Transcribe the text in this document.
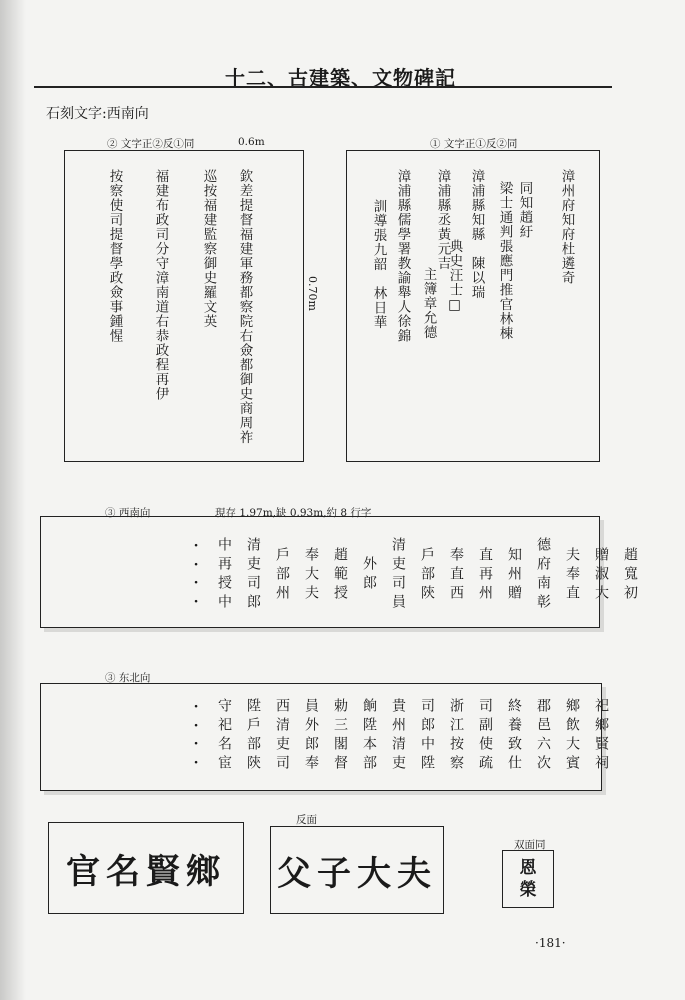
十二、古建築、文物碑記
石刻文字:西南向
② 文字正②反①同	0.6m
欽差提督福建軍務都察院右僉都御史商周祚
巡按福建監察御史羅文英
福建布政司分守漳南道右恭政程再伊
按察使司提督學政僉事鍾惺	0.70m
① 文字正①反②同
漳州府知府杜遴奇
同知趙紆
梁士通判張應門推官林棟
漳浦縣知縣　陳以瑞
典史汪士□
漳浦縣丞黃元吉
主簿章允德
漳浦縣儒學署教諭舉人徐錦
訓導張九韶　林日華
③ 西南向	現存 1.97m,缺 0.93m,約 8 行字
·
·
·
·	中再授中 清吏司郎 戶部州 奉大夫 趙範授 外郎 清吏司員 戶部陝 奉直西 直再州 知州贈 德府南彰 夫奉直 贈淑大 趙寬初
③ 东北向
·
·
·
·	守祀名宦 陞戶部陝 西清吏司 員外郎奉 勅三閣督 餉陞本部 貴州清吏 司郎中陞 浙江按察 司副使疏 終養致仕 郡邑六次 鄉飲大賓 祀鄉賢祠
反面
双面同
官名賢鄉	父子大夫	恩
榮
·181·
